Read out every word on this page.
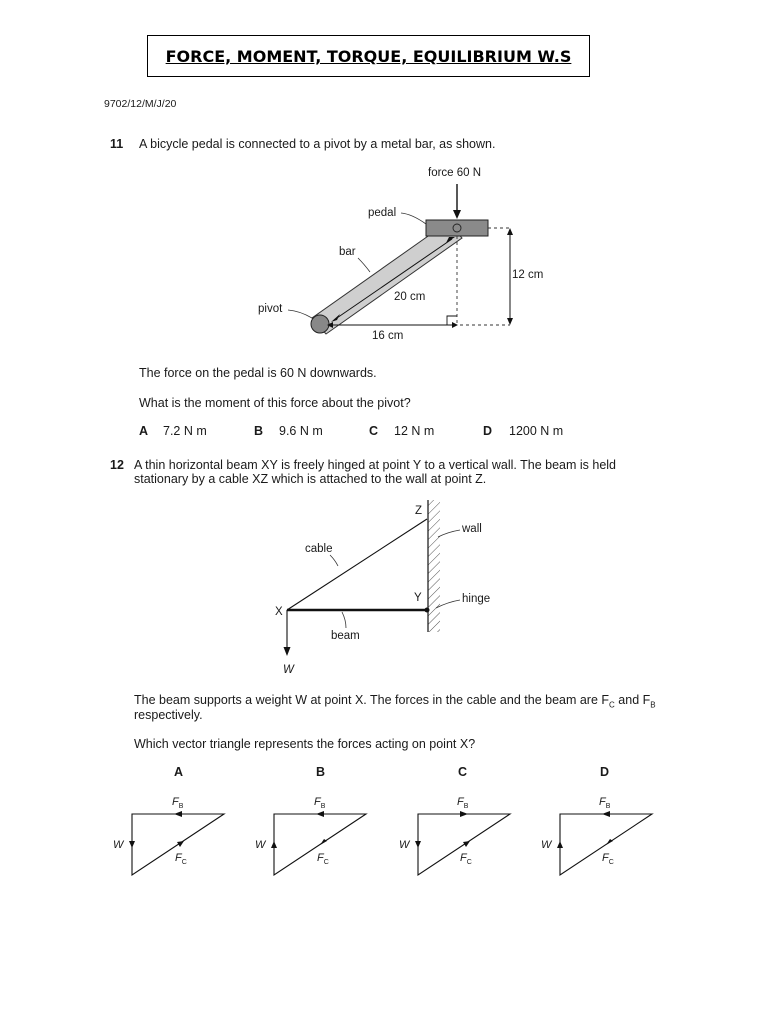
FORCE, MOMENT, TORQUE, EQUILIBRIUM W.S
9702/12/M/J/20
11 A bicycle pedal is connected to a pivot by a metal bar, as shown.
force 60 N
pedal
bar
pivot
20 cm
16 cm
12 cm
The force on the pedal is 60 N downwards.
What is the moment of this force about the pivot?
A 7.2 N m	B 9.6 N m	C 12 N m	D 1200 N m
12 A thin horizontal beam XY is freely hinged at point Y to a vertical wall. The beam is held
stationary by a cable XZ which is attached to the wall at point Z.
Z
Y
X
wall
hinge
cable
beam
W
The beam supports a weight W at point X. The forces in the cable and the beam are $F_C$ and $F_B$
respectively.
Which vector triangle represents the forces acting on point X?
A	B	C	D
$F_B$
W
$F_C$
$F_B$
W
$F_C$
$F_B$
W
$F_C$
$F_B$
W
$F_C$
